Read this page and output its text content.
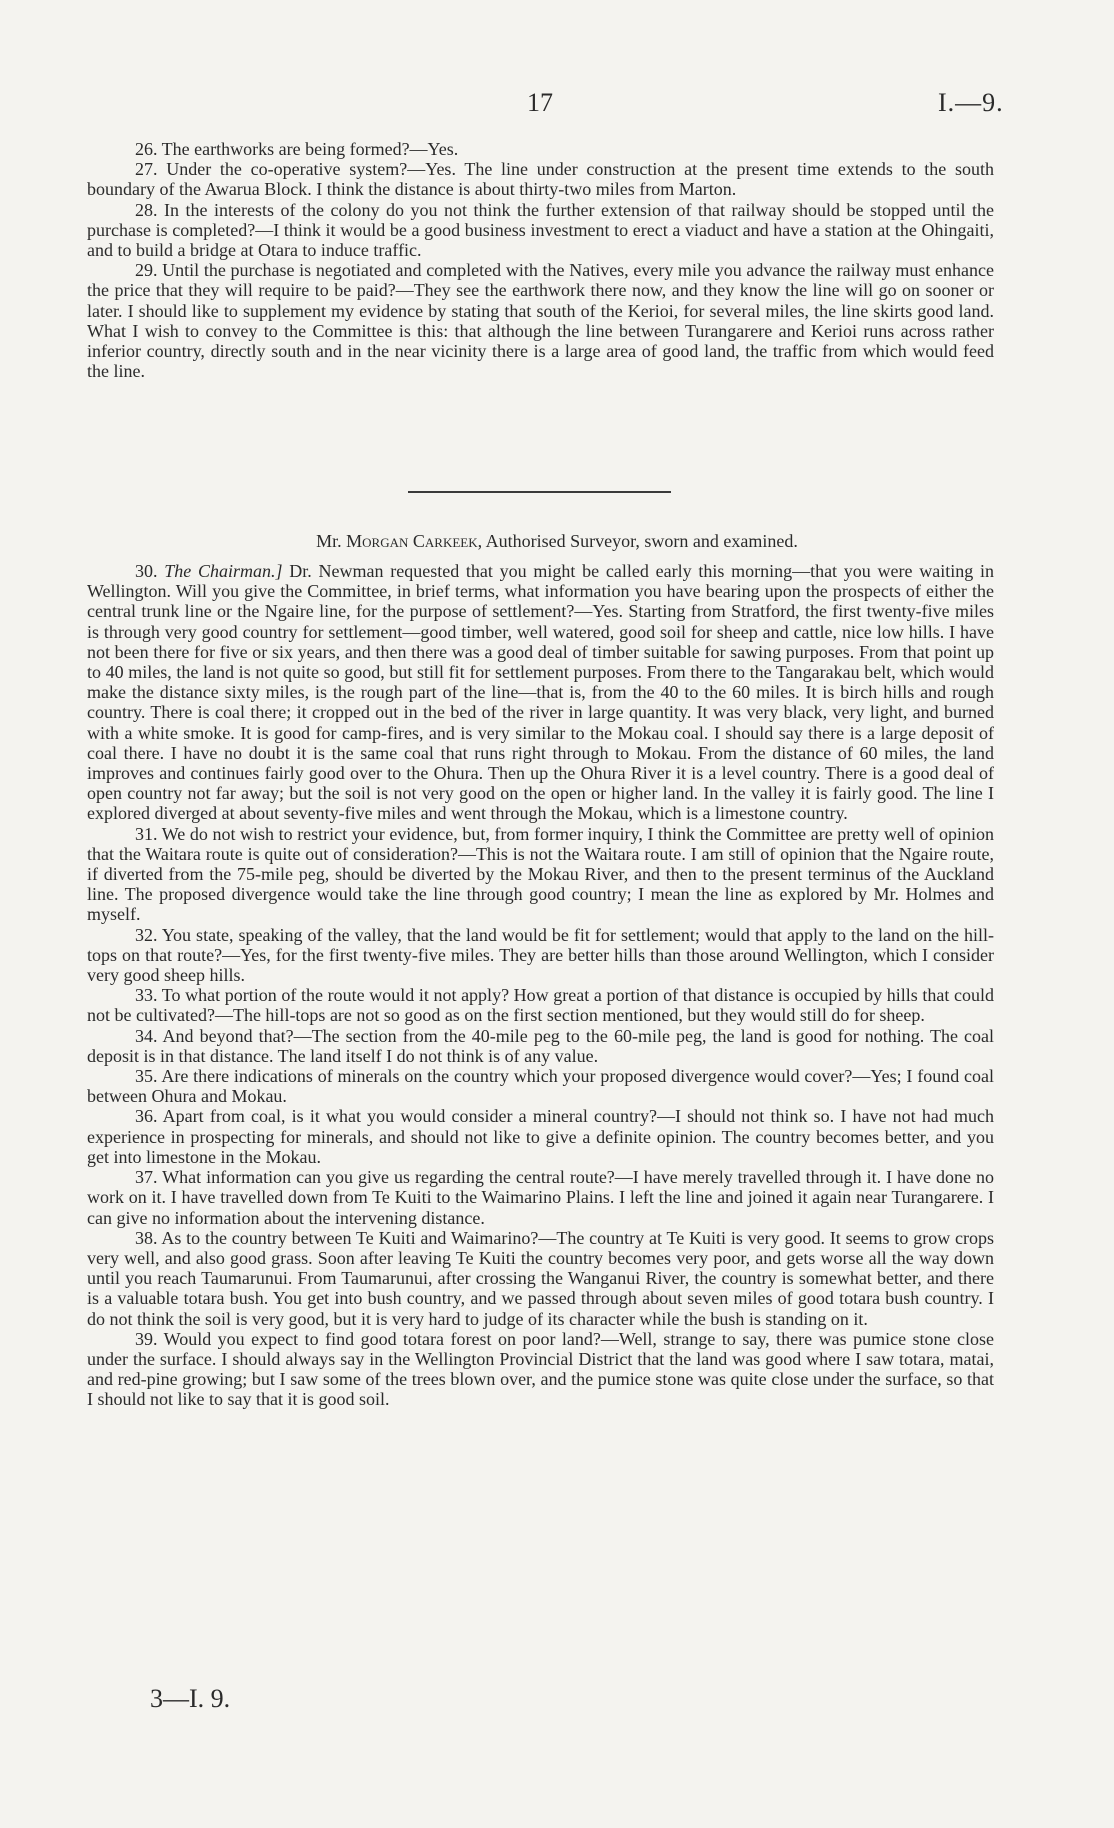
17	I.—9.

26. The earthworks are being formed?—Yes.

27. Under the co-operative system?—Yes. The line under construction at the present time extends to the south boundary of the Awarua Block. I think the distance is about thirty-two miles from Marton.

28. In the interests of the colony do you not think the further extension of that railway should be stopped until the purchase is completed?—I think it would be a good business investment to erect a viaduct and have a station at the Ohingaiti, and to build a bridge at Otara to induce traffic.

29. Until the purchase is negotiated and completed with the Natives, every mile you advance the railway must enhance the price that they will require to be paid?—They see the earthwork there now, and they know the line will go on sooner or later. I should like to supplement my evidence by stating that south of the Kerioi, for several miles, the line skirts good land. What I wish to convey to the Committee is this: that although the line between Turangarere and Kerioi runs across rather inferior country, directly south and in the near vicinity there is a large area of good land, the traffic from which would feed the line.

Mr. Morgan Carkeek, Authorised Surveyor, sworn and examined.

30. The Chairman.] Dr. Newman requested that you might be called early this morning—that you were waiting in Wellington. Will you give the Committee, in brief terms, what information you have bearing upon the prospects of either the central trunk line or the Ngaire line, for the purpose of settlement?—Yes. Starting from Stratford, the first twenty-five miles is through very good country for settlement—good timber, well watered, good soil for sheep and cattle, nice low hills. I have not been there for five or six years, and then there was a good deal of timber suitable for sawing purposes. From that point up to 40 miles, the land is not quite so good, but still fit for settlement purposes. From there to the Tangarakau belt, which would make the distance sixty miles, is the rough part of the line—that is, from the 40 to the 60 miles. It is birch hills and rough country. There is coal there; it cropped out in the bed of the river in large quantity. It was very black, very light, and burned with a white smoke. It is good for camp-fires, and is very similar to the Mokau coal. I should say there is a large deposit of coal there. I have no doubt it is the same coal that runs right through to Mokau. From the distance of 60 miles, the land improves and continues fairly good over to the Ohura. Then up the Ohura River it is a level country. There is a good deal of open country not far away; but the soil is not very good on the open or higher land. In the valley it is fairly good. The line I explored diverged at about seventy-five miles and went through the Mokau, which is a limestone country.

31. We do not wish to restrict your evidence, but, from former inquiry, I think the Committee are pretty well of opinion that the Waitara route is quite out of consideration?—This is not the Waitara route. I am still of opinion that the Ngaire route, if diverted from the 75-mile peg, should be diverted by the Mokau River, and then to the present terminus of the Auckland line. The proposed divergence would take the line through good country; I mean the line as explored by Mr. Holmes and myself.

32. You state, speaking of the valley, that the land would be fit for settlement; would that apply to the land on the hill-tops on that route?—Yes, for the first twenty-five miles. They are better hills than those around Wellington, which I consider very good sheep hills.

33. To what portion of the route would it not apply? How great a portion of that distance is occupied by hills that could not be cultivated?—The hill-tops are not so good as on the first section mentioned, but they would still do for sheep.

34. And beyond that?—The section from the 40-mile peg to the 60-mile peg, the land is good for nothing. The coal deposit is in that distance. The land itself I do not think is of any value.

35. Are there indications of minerals on the country which your proposed divergence would cover?—Yes; I found coal between Ohura and Mokau.

36. Apart from coal, is it what you would consider a mineral country?—I should not think so. I have not had much experience in prospecting for minerals, and should not like to give a definite opinion. The country becomes better, and you get into limestone in the Mokau.

37. What information can you give us regarding the central route?—I have merely travelled through it. I have done no work on it. I have travelled down from Te Kuiti to the Waimarino Plains. I left the line and joined it again near Turangarere. I can give no information about the intervening distance.

38. As to the country between Te Kuiti and Waimarino?—The country at Te Kuiti is very good. It seems to grow crops very well, and also good grass. Soon after leaving Te Kuiti the country becomes very poor, and gets worse all the way down until you reach Taumarunui. From Taumarunui, after crossing the Wanganui River, the country is somewhat better, and there is a valuable totara bush. You get into bush country, and we passed through about seven miles of good totara bush country. I do not think the soil is very good, but it is very hard to judge of its character while the bush is standing on it.

39. Would you expect to find good totara forest on poor land?—Well, strange to say, there was pumice stone close under the surface. I should always say in the Wellington Provincial District that the land was good where I saw totara, matai, and red-pine growing; but I saw some of the trees blown over, and the pumice stone was quite close under the surface, so that I should not like to say that it is good soil.

3—I. 9.
